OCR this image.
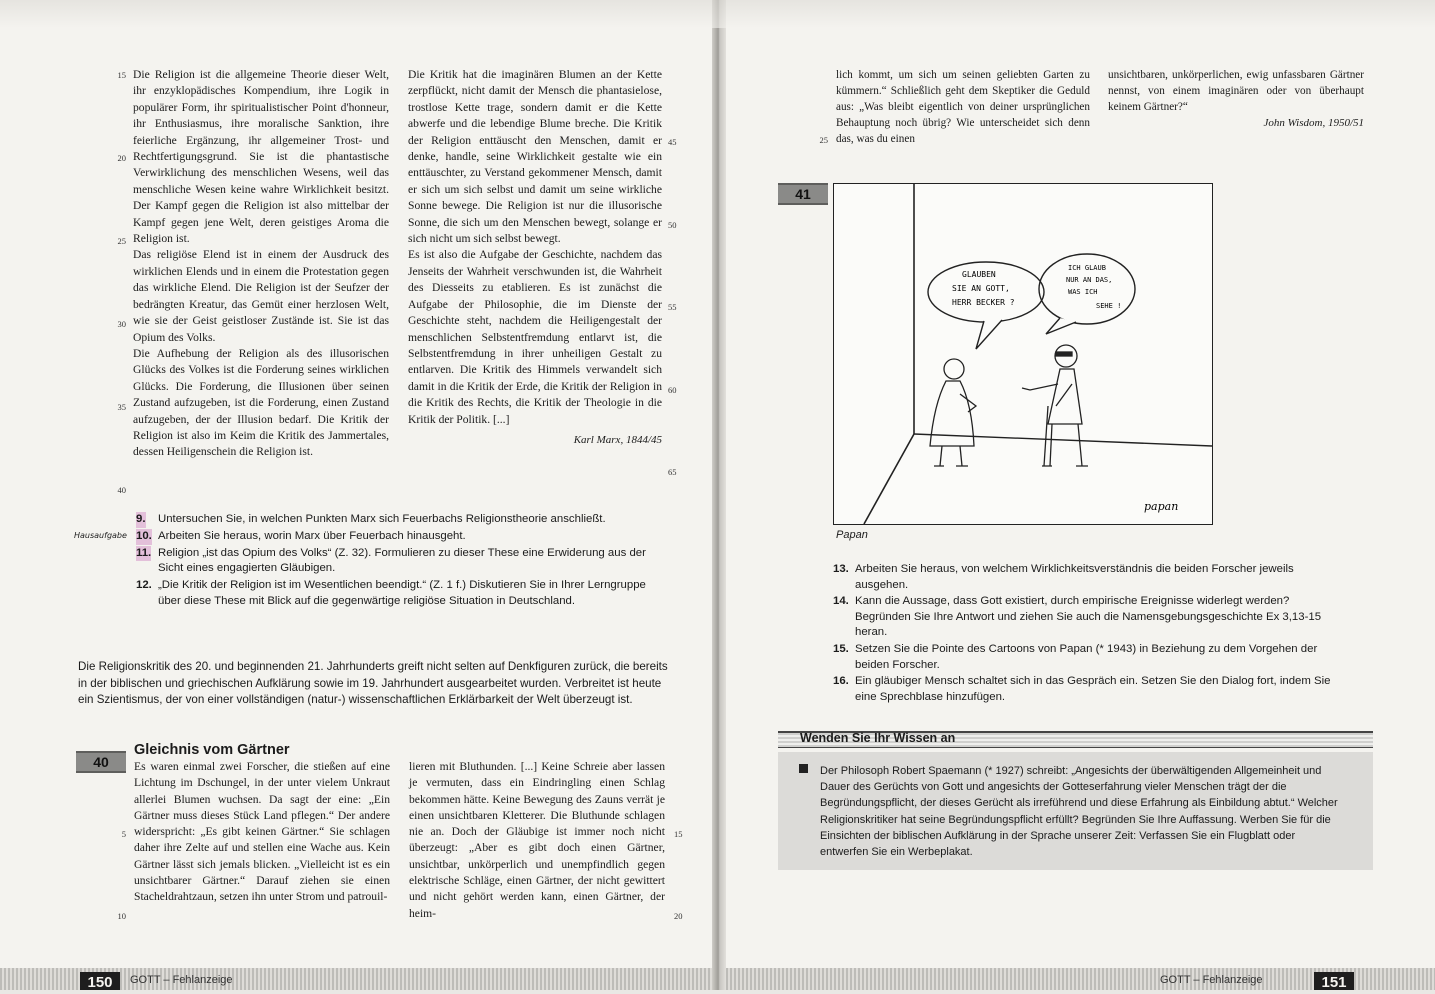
Die Religion ist die allgemeine Theorie dieser Welt, ihr enzyklopädisches Kompendium, ihre Logik in populärer Form, ihr spiritualistischer Point d'honneur, ihr Enthusiasmus, ihre moralische Sanktion, ihre feierliche Ergänzung, ihr allgemeiner Trost- und Rechtfertigungsgrund. Sie ist die phantastische Verwirklichung des menschlichen Wesens, weil das menschliche Wesen keine wahre Wirklichkeit besitzt. Der Kampf gegen die Religion ist also mittelbar der Kampf gegen jene Welt, deren geistiges Aroma die Religion ist.

Das religiöse Elend ist in einem der Ausdruck des wirklichen Elends und in einem die Protestation gegen das wirkliche Elend. Die Religion ist der Seufzer der bedrängten Kreatur, das Gemüt einer herzlosen Welt, wie sie der Geist geistloser Zustände ist. Sie ist das Opium des Volks.

Die Aufhebung der Religion als des illusorischen Glücks des Volkes ist die Forderung seines wirklichen Glücks. Die Forderung, die Illusionen über seinen Zustand aufzugeben, ist die Forderung, einen Zustand aufzugeben, der der Illusion bedarf. Die Kritik der Religion ist also im Keim die Kritik des Jammertales, dessen Heiligenschein die Religion ist.

15
20
25
30
35
40

Die Kritik hat die imaginären Blumen an der Kette zerpflückt, nicht damit der Mensch die phantasielose, trostlose Kette trage, sondern damit er die Kette abwerfe und die lebendige Blume breche. Die Kritik der Religion enttäuscht den Menschen, damit er denke, handle, seine Wirklichkeit gestalte wie ein enttäuschter, zu Verstand gekommener Mensch, damit er sich um sich selbst und damit um seine wirkliche Sonne bewege. Die Religion ist nur die illusorische Sonne, die sich um den Menschen bewegt, solange er sich nicht um sich selbst bewegt.

Es ist also die Aufgabe der Geschichte, nachdem das Jenseits der Wahrheit verschwunden ist, die Wahrheit des Diesseits zu etablieren. Es ist zunächst die Aufgabe der Philosophie, die im Dienste der Geschichte steht, nachdem die Heiligengestalt der menschlichen Selbstentfremdung entlarvt ist, die Selbstentfremdung in ihrer unheiligen Gestalt zu entlarven. Die Kritik des Himmels verwandelt sich damit in die Kritik der Erde, die Kritik der Religion in die Kritik des Rechts, die Kritik der Theologie in die Kritik der Politik. [...]

Karl Marx, 1844/45

45
50
55
60
65
Hausaufgabe
9. Untersuchen Sie, in welchen Punkten Marx sich Feuerbachs Religionstheorie anschließt.
10. Arbeiten Sie heraus, worin Marx über Feuerbach hinausgeht.
11. Religion „ist das Opium des Volks“ (Z. 32). Formulieren zu dieser These eine Erwiderung aus der Sicht eines engagierten Gläubigen.
12. „Die Kritik der Religion ist im Wesentlichen beendigt.“ (Z. 1 f.) Diskutieren Sie in Ihrer Lerngruppe über diese These mit Blick auf die gegenwärtige religiöse Situation in Deutschland.
Die Religionskritik des 20. und beginnenden 21. Jahrhunderts greift nicht selten auf Denkfiguren zurück, die bereits in der biblischen und griechischen Aufklärung sowie im 19. Jahrhundert ausgearbeitet wurden. Verbreitet ist heute ein Szientismus, der von einer vollständigen (natur-) wissenschaftlichen Erklärbarkeit der Welt überzeugt ist.
40
Gleichnis vom Gärtner
Es waren einmal zwei Forscher, die stießen auf eine Lichtung im Dschungel, in der unter vielem Unkraut allerlei Blumen wuchsen. Da sagt der eine: „Ein Gärtner muss dieses Stück Land pflegen.“ Der andere widerspricht: „Es gibt keinen Gärtner.“ Sie schlagen daher ihre Zelte auf und stellen eine Wache aus. Kein Gärtner lässt sich jemals blicken. „Vielleicht ist es ein unsichtbarer Gärtner.“ Darauf ziehen sie einen Stacheldrahtzaun, setzen ihn unter Strom und patrouil-
lieren mit Bluthunden. [...] Keine Schreie aber lassen je vermuten, dass ein Eindringling einen Schlag bekommen hätte. Keine Bewegung des Zauns verrät je einen unsichtbaren Kletterer. Die Bluthunde schlagen nie an. Doch der Gläubige ist immer noch nicht überzeugt: „Aber es gibt doch einen Gärtner, unsichtbar, unkörperlich und unempfindlich gegen elektrische Schläge, einen Gärtner, der nicht gewittert und nicht gehört werden kann, einen Gärtner, der heim-
5
10
15
20
150	GOTT – Fehlanzeige
lich kommt, um sich um seinen geliebten Garten zu kümmern.“ Schließlich geht dem Skeptiker die Geduld aus: „Was bleibt eigentlich von deiner ursprünglichen Behauptung noch übrig? Wie unterscheidet sich denn das, was du einen
25

unsichtbaren, unkörperlichen, ewig unfassbaren Gärtner nennst, von einem imaginären oder von überhaupt keinem Gärtner?“

John Wisdom, 1950/51

41
GLAUBEN
SIE AN GOTT,
HERR BECKER ?
ICH GLAUB
NUR AN DAS,
WAS ICH
SEHE !
papan
Papan
13. Arbeiten Sie heraus, von welchem Wirklichkeitsverständnis die beiden Forscher jeweils ausgehen.
14. Kann die Aussage, dass Gott existiert, durch empirische Ereignisse widerlegt werden? Begründen Sie Ihre Antwort und ziehen Sie auch die Namensgebungsgeschichte Ex 3,13-15 heran.
15. Setzen Sie die Pointe des Cartoons von Papan (* 1943) in Beziehung zu dem Vorgehen der beiden Forscher.
16. Ein gläubiger Mensch schaltet sich in das Gespräch ein. Setzen Sie den Dialog fort, indem Sie eine Sprechblase hinzufügen.
Wenden Sie Ihr Wissen an
Der Philosoph Robert Spaemann (* 1927) schreibt: „Angesichts der überwältigenden Allgemeinheit und Dauer des Gerüchts von Gott und angesichts der Gotteserfahrung vieler Menschen trägt der die Begründungspflicht, der dieses Gerücht als irreführend und diese Erfahrung als Einbildung abtut.“ Welcher Religionskritiker hat seine Begründungspflicht erfüllt? Begründen Sie Ihre Auffassung. Werben Sie für die Einsichten der biblischen Aufklärung in der Sprache unserer Zeit: Verfassen Sie ein Flugblatt oder entwerfen Sie ein Werbeplakat.
GOTT – Fehlanzeige	151
